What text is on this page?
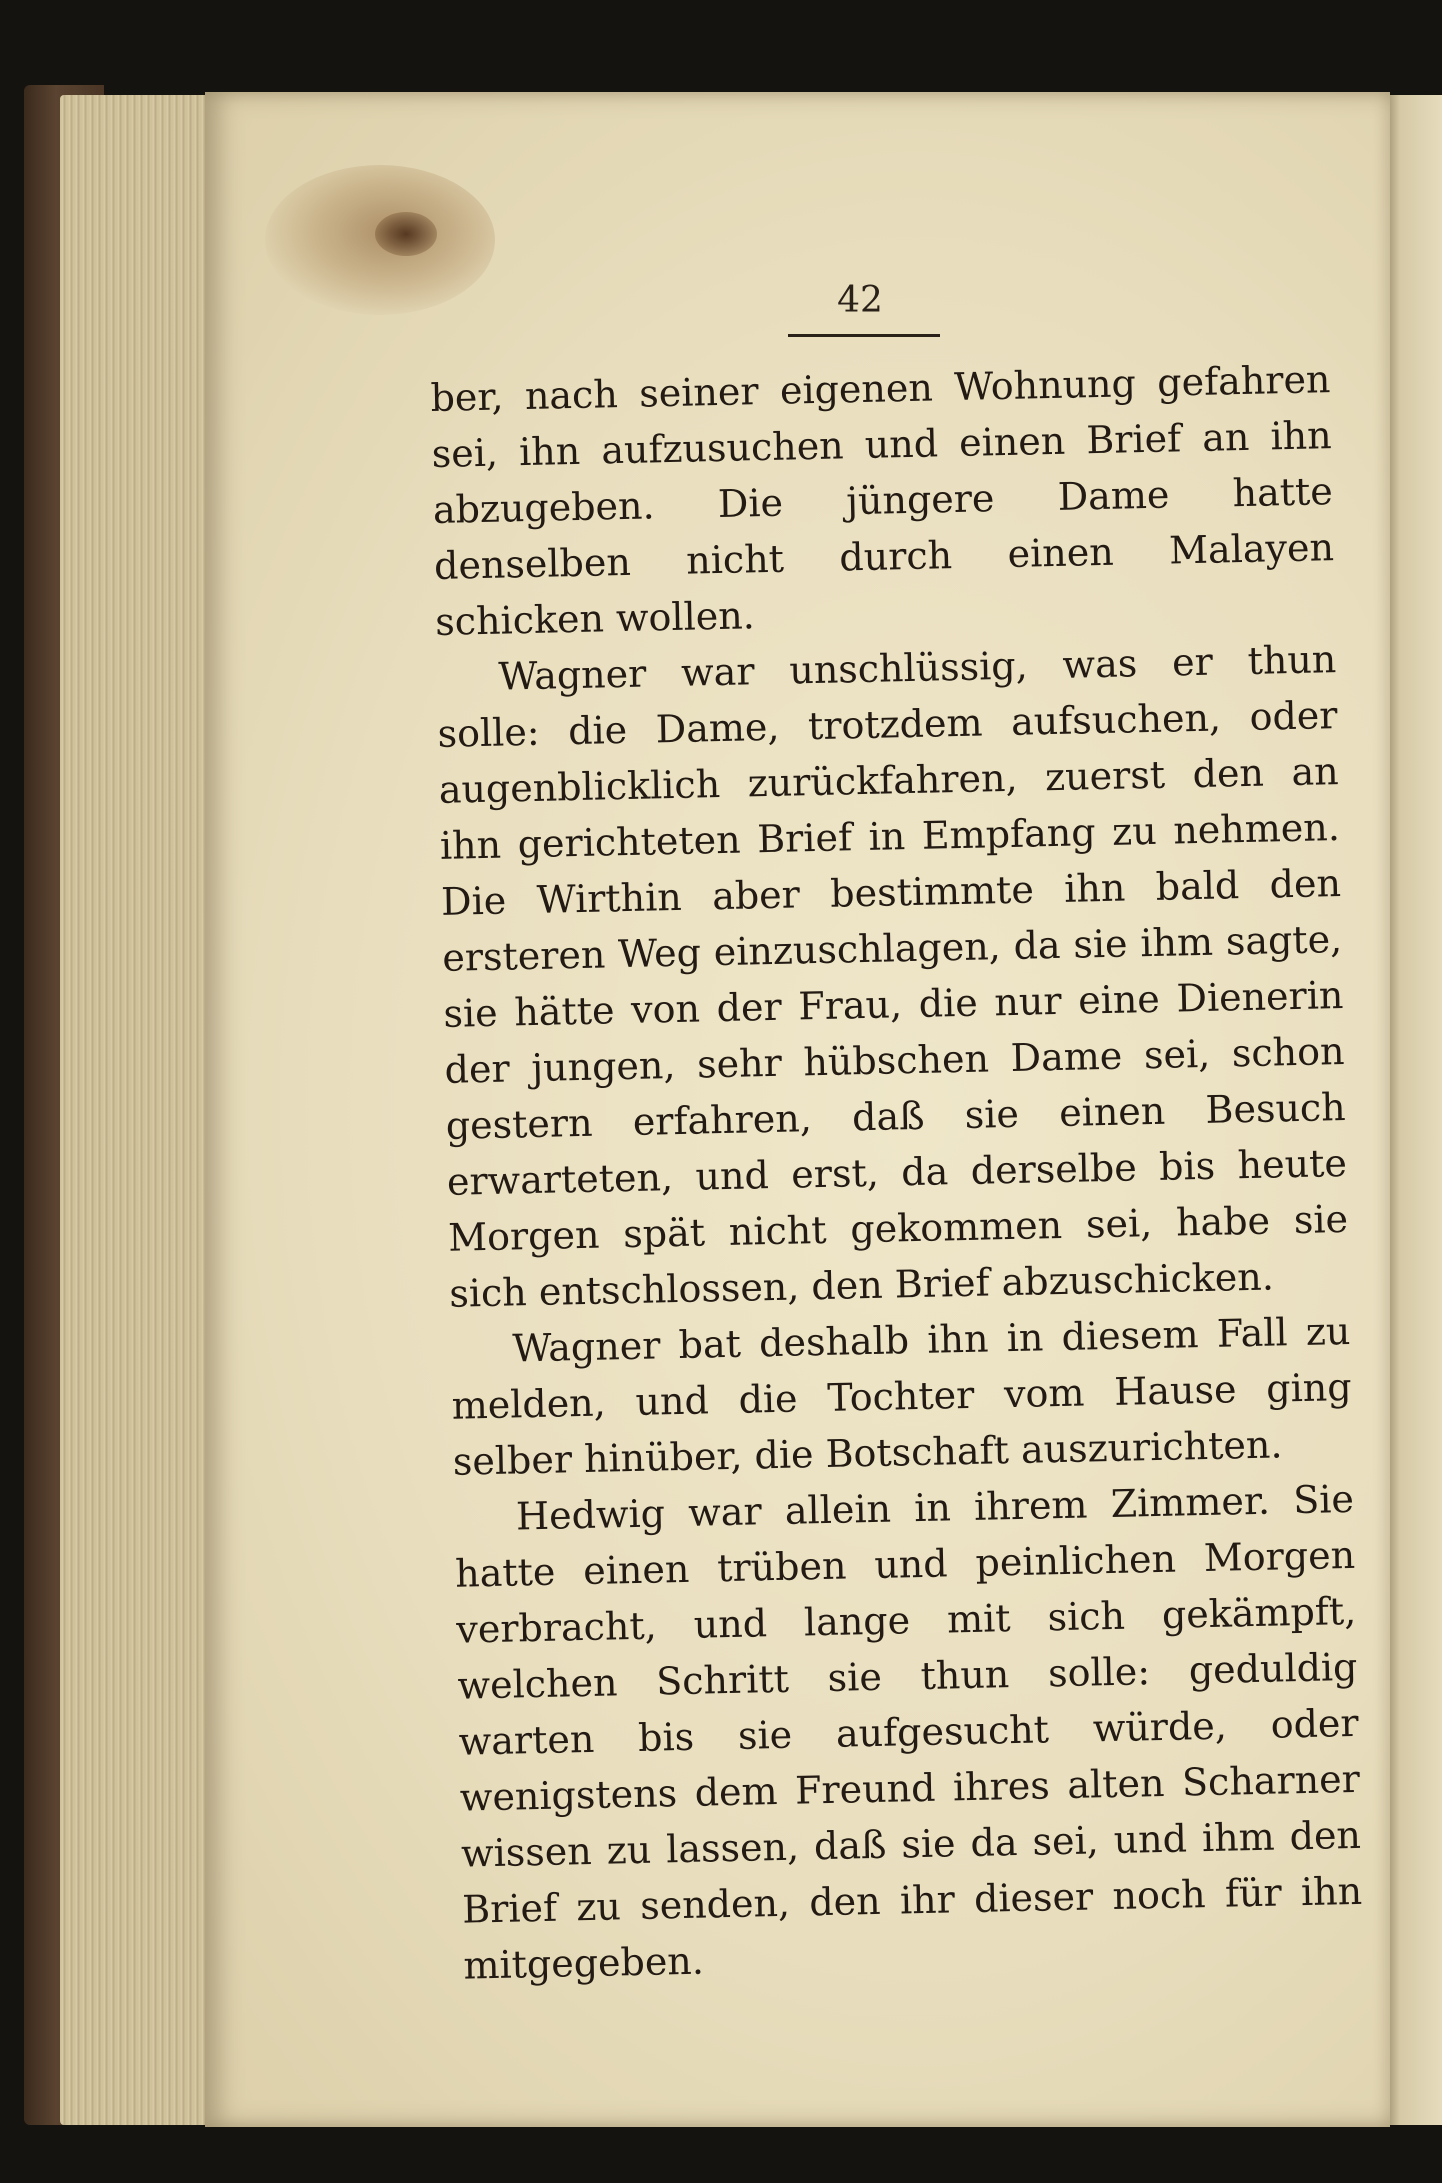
42

ber, nach seiner eigenen Wohnung gefahren sei, ihn aufzusuchen und einen Brief an ihn abzugeben. Die jüngere Dame hatte denselben nicht durch einen Malayen schicken wollen.

Wagner war unschlüssig, was er thun solle: die Dame, trotzdem aufsuchen, oder augenblicklich zurückfahren, zuerst den an ihn gerichteten Brief in Empfang zu nehmen. Die Wirthin aber bestimmte ihn bald den ersteren Weg einzuschlagen, da sie ihm sagte, sie hätte von der Frau, die nur eine Dienerin der jungen, sehr hübschen Dame sei, schon gestern erfahren, daß sie einen Besuch erwarteten, und erst, da derselbe bis heute Morgen spät nicht gekommen sei, habe sie sich entschlossen, den Brief abzuschicken.

Wagner bat deshalb ihn in diesem Fall zu melden, und die Tochter vom Hause ging selber hinüber, die Botschaft auszurichten.

Hedwig war allein in ihrem Zimmer. Sie hatte einen trüben und peinlichen Morgen verbracht, und lange mit sich gekämpft, welchen Schritt sie thun solle: geduldig warten bis sie aufgesucht würde, oder wenigstens dem Freund ihres alten Scharner wissen zu lassen, daß sie da sei, und ihm den Brief zu senden, den ihr dieser noch für ihn mitgegeben.
